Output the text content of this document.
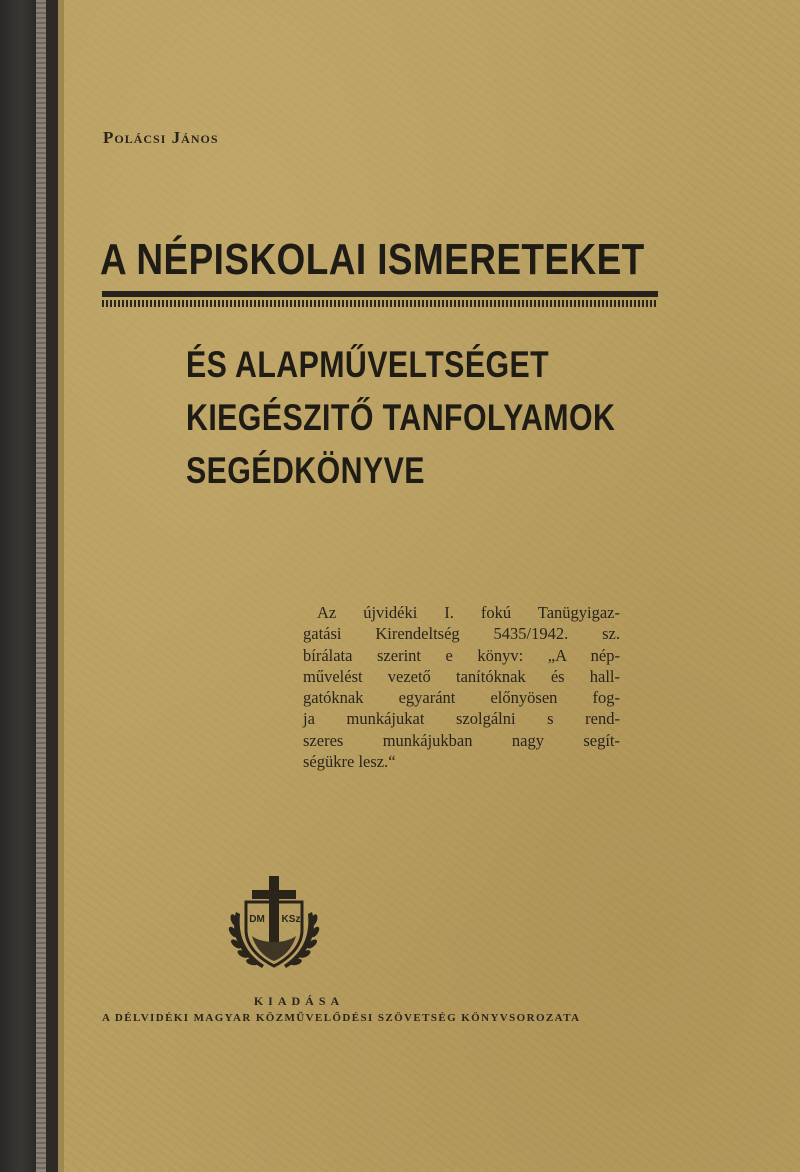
Polácsi János
A NÉPISKOLAI ISMERETEKET
ÉS ALAPMŰVELTSÉGET
KIEGÉSZITŐ TANFOLYAMOK
SEGÉDKÖNYVE
Az újvidéki I. fokú Tanügyigaz-
gatási Kirendeltség 5435/1942. sz.
bírálata szerint e könyv: „A nép-
művelést vezető tanítóknak és hall-
gatóknak egyaránt előnyösen fog-
ja munkájukat szolgálni s rend-
szeres munkájukban nagy segít-
ségükre lesz.“
DM KSz
KIADÁSA
A DÉLVIDÉKI MAGYAR KÖZMŰVELŐDÉSI SZÖVETSÉG KÖNYVSOROZATA
